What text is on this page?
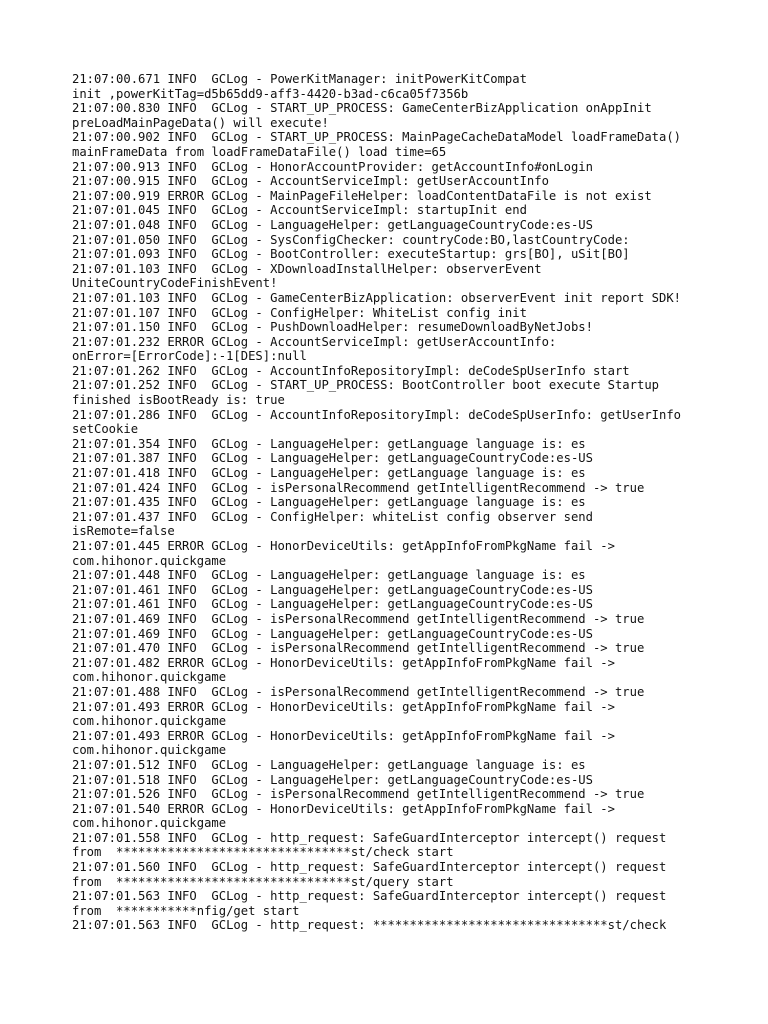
21:07:00.671 INFO  GCLog - PowerKitManager: initPowerKitCompat

init ,powerKitTag=d5b65dd9-aff3-4420-b3ad-c6ca05f7356b

21:07:00.830 INFO  GCLog - START_UP_PROCESS: GameCenterBizApplication onAppInit

preLoadMainPageData() will execute!

21:07:00.902 INFO  GCLog - START_UP_PROCESS: MainPageCacheDataModel loadFrameData()

mainFrameData from loadFrameDataFile() load time=65

21:07:00.913 INFO  GCLog - HonorAccountProvider: getAccountInfo#onLogin

21:07:00.915 INFO  GCLog - AccountServiceImpl: getUserAccountInfo

21:07:00.919 ERROR GCLog - MainPageFileHelper: loadContentDataFile is not exist

21:07:01.045 INFO  GCLog - AccountServiceImpl: startupInit end

21:07:01.048 INFO  GCLog - LanguageHelper: getLanguageCountryCode:es-US

21:07:01.050 INFO  GCLog - SysConfigChecker: countryCode:BO,lastCountryCode:

21:07:01.093 INFO  GCLog - BootController: executeStartup: grs[BO], uSit[BO]

21:07:01.103 INFO  GCLog - XDownloadInstallHelper: observerEvent

UniteCountryCodeFinishEvent!

21:07:01.103 INFO  GCLog - GameCenterBizApplication: observerEvent init report SDK!

21:07:01.107 INFO  GCLog - ConfigHelper: WhiteList config init

21:07:01.150 INFO  GCLog - PushDownloadHelper: resumeDownloadByNetJobs!

21:07:01.232 ERROR GCLog - AccountServiceImpl: getUserAccountInfo:

onError=[ErrorCode]:-1[DES]:null

21:07:01.262 INFO  GCLog - AccountInfoRepositoryImpl: deCodeSpUserInfo start

21:07:01.252 INFO  GCLog - START_UP_PROCESS: BootController boot execute Startup

finished isBootReady is: true

21:07:01.286 INFO  GCLog - AccountInfoRepositoryImpl: deCodeSpUserInfo: getUserInfo

setCookie

21:07:01.354 INFO  GCLog - LanguageHelper: getLanguage language is: es

21:07:01.387 INFO  GCLog - LanguageHelper: getLanguageCountryCode:es-US

21:07:01.418 INFO  GCLog - LanguageHelper: getLanguage language is: es

21:07:01.424 INFO  GCLog - isPersonalRecommend getIntelligentRecommend -> true

21:07:01.435 INFO  GCLog - LanguageHelper: getLanguage language is: es

21:07:01.437 INFO  GCLog - ConfigHelper: whiteList config observer send

isRemote=false

21:07:01.445 ERROR GCLog - HonorDeviceUtils: getAppInfoFromPkgName fail ->

com.hihonor.quickgame

21:07:01.448 INFO  GCLog - LanguageHelper: getLanguage language is: es

21:07:01.461 INFO  GCLog - LanguageHelper: getLanguageCountryCode:es-US

21:07:01.461 INFO  GCLog - LanguageHelper: getLanguageCountryCode:es-US

21:07:01.469 INFO  GCLog - isPersonalRecommend getIntelligentRecommend -> true

21:07:01.469 INFO  GCLog - LanguageHelper: getLanguageCountryCode:es-US

21:07:01.470 INFO  GCLog - isPersonalRecommend getIntelligentRecommend -> true

21:07:01.482 ERROR GCLog - HonorDeviceUtils: getAppInfoFromPkgName fail ->

com.hihonor.quickgame

21:07:01.488 INFO  GCLog - isPersonalRecommend getIntelligentRecommend -> true

21:07:01.493 ERROR GCLog - HonorDeviceUtils: getAppInfoFromPkgName fail ->

com.hihonor.quickgame

21:07:01.493 ERROR GCLog - HonorDeviceUtils: getAppInfoFromPkgName fail ->

com.hihonor.quickgame

21:07:01.512 INFO  GCLog - LanguageHelper: getLanguage language is: es

21:07:01.518 INFO  GCLog - LanguageHelper: getLanguageCountryCode:es-US

21:07:01.526 INFO  GCLog - isPersonalRecommend getIntelligentRecommend -> true

21:07:01.540 ERROR GCLog - HonorDeviceUtils: getAppInfoFromPkgName fail ->

com.hihonor.quickgame

21:07:01.558 INFO  GCLog - http_request: SafeGuardInterceptor intercept() request

from  ********************************st/check start

21:07:01.560 INFO  GCLog - http_request: SafeGuardInterceptor intercept() request

from  ********************************st/query start

21:07:01.563 INFO  GCLog - http_request: SafeGuardInterceptor intercept() request

from  ***********nfig/get start

21:07:01.563 INFO  GCLog - http_request: ********************************st/check
